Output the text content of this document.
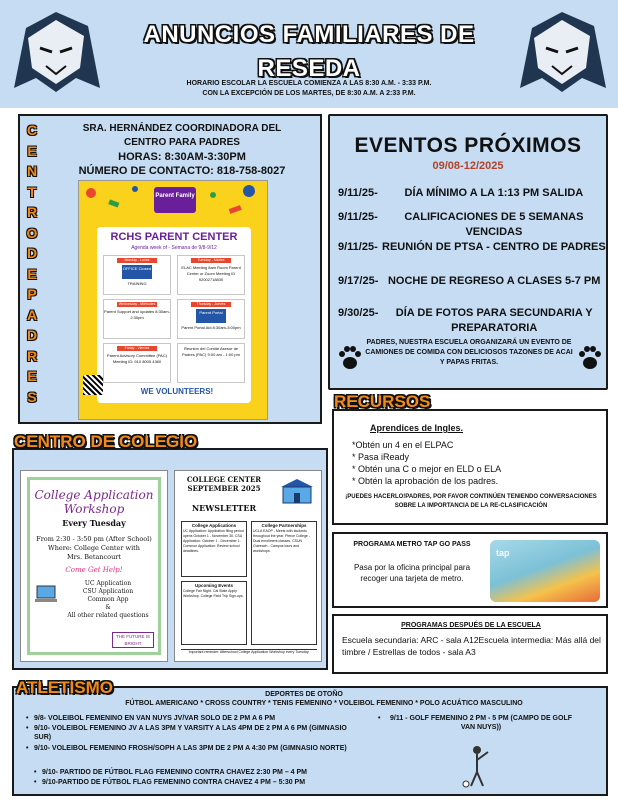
ANUNCIOS FAMILIARES DE
RESEDA
HORARIO ESCOLAR LA ESCUELA COMIENZA A LAS 8:30 A.M. - 3:33 P.M.
CON LA EXCEPCIÓN DE LOS MARTES, DE 8:30 A.M. A 2:33 P.M.
C
E
N
T
R
O
D
E
P
A
D
R
E
S
SRA. HERNÁNDEZ COORDINADORA DEL
CENTRO PARA PADRES
HORAS: 8:30AM-3:30PM
NÚMERO DE CONTACTO: 818-758-8027
Parent Family
RCHS PARENT CENTER
Agenda week of - Semana de 9/8-9/12
Monday - Lunes
OFFICE Closed
TRAINING
Tuesday - Martes
ELAC Meeting 8am Room Parent Center or Zoom Meeting ID 92002718830
Wednesday - Miércoles
Parent Support and updates 8:30am-2:30pm
Thursday - Jueves
Parent Portal
Parent Portal Aid 8:30am-3:00pm
Friday - Viernes
Parent Advisory Committee (PAC) Meeting ID: 910 8005 4360
Reunión del Comité Asesor de Padres (PAC) 9:00 am - 1:00 pm
WE VOLUNTEERS!
EVENTOS PRÓXIMOS
09/08-12/2025
9/11/25-	DÍA MÍNIMO A LA 1:13 PM SALIDA
9/11/25-	CALIFICACIONES DE 5 SEMANAS VENCIDAS
9/11/25- REUNIÓN DE PTSA - CENTRO DE PADRES
9/17/25- NOCHE DE REGRESO A CLASES 5-7 PM
9/30/25-	DÍA DE FOTOS PARA SECUNDARIA Y PREPARATORIA
PADRES, NUESTRA ESCUELA ORGANIZARÁ UN EVENTO DE CAMIONES DE COMIDA CON DELICIOSOS TAZONES DE ACAI Y PAPAS FRITAS.
RECURSOS
Aprendices de Ingles.
*Obtén un 4 en el ELPAC
* Pasa iReady
* Obtén una C o mejor en ELD o ELA
* Obtén la aprobación de los padres.
¡PUEDES HACERLO!PADRES, POR FAVOR CONTINÚEN TENIENDO CONVERSACIONES SOBRE LA IMPORTANCIA DE LA RE-CLASIFICACIÓN
PROGRAMA METRO TAP GO PASS
Pasa por la oficina principal para recoger una tarjeta de metro.
tap
PROGRAMAS DESPUÉS DE LA ESCUELA
Escuela secundaria: ARC - sala A12Escuela intermedia: Más allá del timbre / Estrellas de todos - sala A3
CENTRO DE COLEGIO
College Application
Workshop
Every Tuesday
From 2:30 - 3:50 pm (After School)
Where: College Center with
Mrs. Betancourt
Come Get Help!
UC Application
CSU Application
Common App
&
All other related questions
THE FUTURE IS BRIGHT
COLLEGE CENTER
SEPTEMBER 2025
NEWSLETTER
College Applications
UC Application: Application filing period opens October 1 - November 30. CSU Application: October 1 - December 1. Common Application: Review school deadlines.
College Partnerships
UCLA EAOP - Meets with students throughout the year. Pierce College - Dual enrollment classes. CSUN Outreach - Campus tours and workshops.
Upcoming Events
College Fair Night. Cal State Apply Workshop. College Field Trip Sign-ups.
Important reminder: Afterschool College Application Workshop every Tuesday.
ATLETISMO	DEPORTES DE OTOÑO
FÚTBOL AMERICANO * CROSS COUNTRY * TENIS FEMENINO * VOLEIBOL FEMENINO * POLO ACUÁTICO MASCULINO
• 9/8- VOLEIBOL FEMENINO EN VAN NUYS JV/VAR SOLO DE 2 PM A 6 PM
• 9/10- VOLEIBOL FEMENINO JV A LAS 3PM Y VARSITY A LAS 4PM DE 2 PM A 6 PM (GIMNASIO SUR)
• 9/10- VOLEIBOL FEMENINO FROSH/SOPH A LAS 3PM DE 2 PM A 4:30 PM (GIMNASIO NORTE)
• 9/10- PARTIDO DE FÚTBOL FLAG FEMENINO CONTRA CHAVEZ 2:30 PM – 4 PM
• 9/10-PARTIDO DE FÚTBOL FLAG FEMENINO CONTRA CHAVEZ 4 PM – 5:30 PM
• 9/11 - GOLF FEMENINO 2 PM - 5 PM (CAMPO DE GOLF VAN NUYS))
